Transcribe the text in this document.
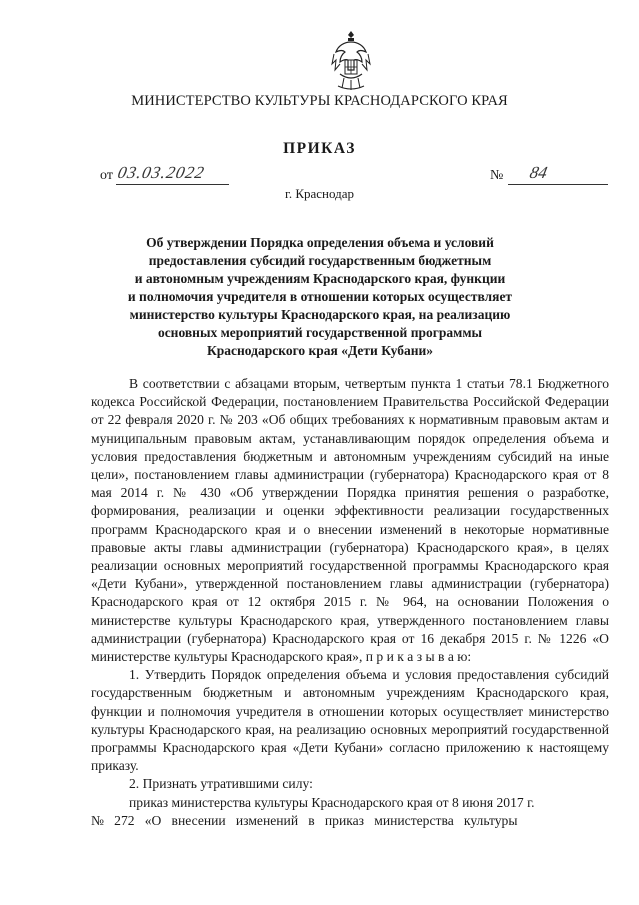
МИНИСТЕРСТВО КУЛЬТУРЫ КРАСНОДАРСКОГО КРАЯ
ПРИКАЗ
от 03.03.2022	№ 84
г. Краснодар
Об утверждении Порядка определения объема и условий
предоставления субсидий государственным бюджетным
и автономным учреждениям Краснодарского края, функции
и полномочия учредителя в отношении которых осуществляет
министерство культуры Краснодарского края, на реализацию
основных мероприятий государственной программы
Краснодарского края «Дети Кубани»

В соответствии с абзацами вторым, четвертым пункта 1 статьи 78.1 Бюджетного кодекса Российской Федерации, постановлением Правительства Российской Федерации от 22 февраля 2020 г. № 203 «Об общих требованиях к нормативным правовым актам и муниципальным правовым актам, устанавливающим порядок определения объема и условия предоставления бюджетным и автономным учреждениям субсидий на иные цели», постановлением главы администрации (губернатора) Краснодарского края от 8 мая 2014 г. № 430 «Об утверждении Порядка принятия решения о разработке, формирования, реализации и оценки эффективности реализации государственных программ Краснодарского края и о внесении изменений в некоторые нормативные правовые акты главы администрации (губернатора) Краснодарского края», в целях реализации основных мероприятий государственной программы Краснодарского края «Дети Кубани», утвержденной постановлением главы администрации (губернатора) Краснодарского края от 12 октября 2015 г. № 964, на основании Положения о министерстве культуры Краснодарского края, утвержденного постановлением главы администрации (губернатора) Краснодарского края от 16 декабря 2015 г. № 1226 «О министерстве культуры Краснодарского края», п р и к а з ы в а ю:

1. Утвердить Порядок определения объема и условия предоставления субсидий государственным бюджетным и автономным учреждениям Краснодарского края, функции и полномочия учредителя в отношении которых осуществляет министерство культуры Краснодарского края, на реализацию основных мероприятий государственной программы Краснодарского края «Дети Кубани» согласно приложению к настоящему приказу.

2. Признать утратившими силу:

приказ министерства культуры Краснодарского края от 8 июня 2017 г.

№   272   «О   внесении   изменений   в   приказ   министерства   культуры
